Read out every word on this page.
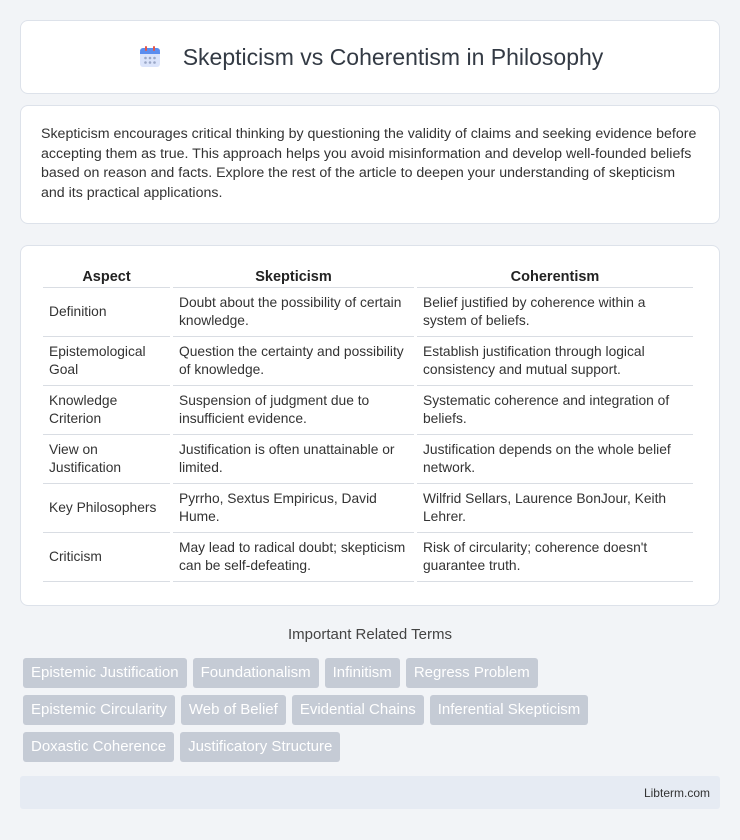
Skepticism vs Coherentism in Philosophy

Skepticism encourages critical thinking by questioning the validity of claims and seeking evidence before accepting them as true. This approach helps you avoid misinformation and develop well-founded beliefs based on reason and facts. Explore the rest of the article to deepen your understanding of skepticism and its practical applications.

Aspect	Skepticism	Coherentism
Definition	Doubt about the possibility of certain knowledge.	Belief justified by coherence within a system of beliefs.
Epistemological Goal	Question the certainty and possibility of knowledge.	Establish justification through logical consistency and mutual support.
Knowledge Criterion	Suspension of judgment due to insufficient evidence.	Systematic coherence and integration of beliefs.
View on Justification	Justification is often unattainable or limited.	Justification depends on the whole belief network.
Key Philosophers	Pyrrho, Sextus Empiricus, David Hume.	Wilfrid Sellars, Laurence BonJour, Keith Lehrer.
Criticism	May lead to radical doubt; skepticism can be self-defeating.	Risk of circularity; coherence doesn't guarantee truth.
Important Related Terms
Epistemic Justification	Foundationalism	Infinitism	Regress Problem
Epistemic Circularity	Web of Belief	Evidential Chains	Inferential Skepticism
Doxastic Coherence	Justificatory Structure
Libterm.com
